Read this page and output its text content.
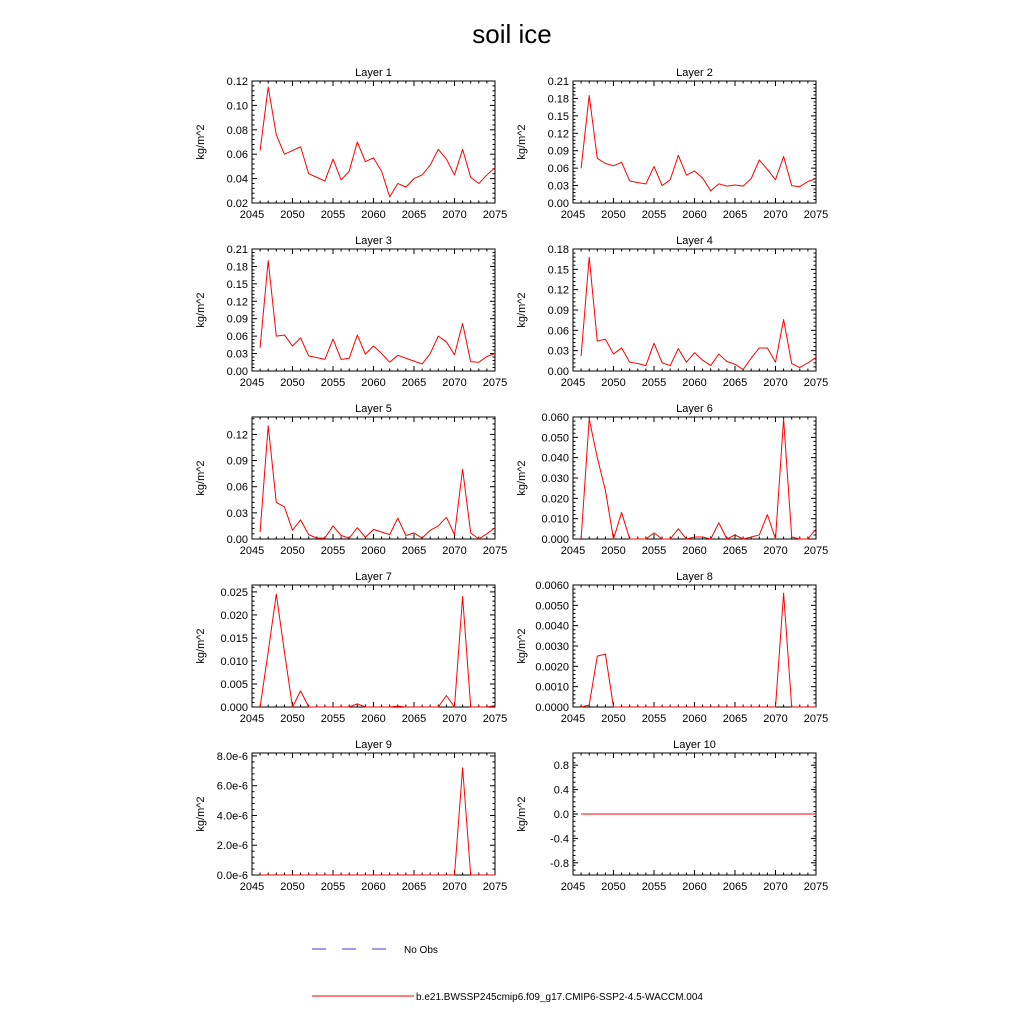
soil ice
Layer 1
2045 2050 2055 2060 2065 2070 2075
0.02
0.04
0.06
0.08
0.10
0.12
kg/m^2
Layer 2
2045 2050 2055 2060 2065 2070 2075
0.00
0.03
0.06
0.09
0.12
0.15
0.18
0.21
kg/m^2
Layer 3
2045 2050 2055 2060 2065 2070 2075
0.00
0.03
0.06
0.09
0.12
0.15
0.18
0.21
kg/m^2
Layer 4
2045 2050 2055 2060 2065 2070 2075
0.00
0.03
0.06
0.09
0.12
0.15
0.18
kg/m^2
Layer 5
2045 2050 2055 2060 2065 2070 2075
0.00
0.03
0.06
0.09
0.12
kg/m^2
Layer 6
2045 2050 2055 2060 2065 2070 2075
0.000
0.010
0.020
0.030
0.040
0.050
0.060
kg/m^2
Layer 7
2045 2050 2055 2060 2065 2070 2075
0.000
0.005
0.010
0.015
0.020
0.025
kg/m^2
Layer 8
2045 2050 2055 2060 2065 2070 2075
0.0000
0.0010
0.0020
0.0030
0.0040
0.0050
0.0060
kg/m^2
Layer 9
2045 2050 2055 2060 2065 2070 2075
0.0e-6
2.0e-6
4.0e-6
6.0e-6
8.0e-6
kg/m^2
Layer 10
2045 2050 2055 2060 2065 2070 2075
-0.8
-0.4
0.0
0.4
0.8
kg/m^2
No Obs
b.e21.BWSSP245cmip6.f09_g17.CMIP6-SSP2-4.5-WACCM.004
